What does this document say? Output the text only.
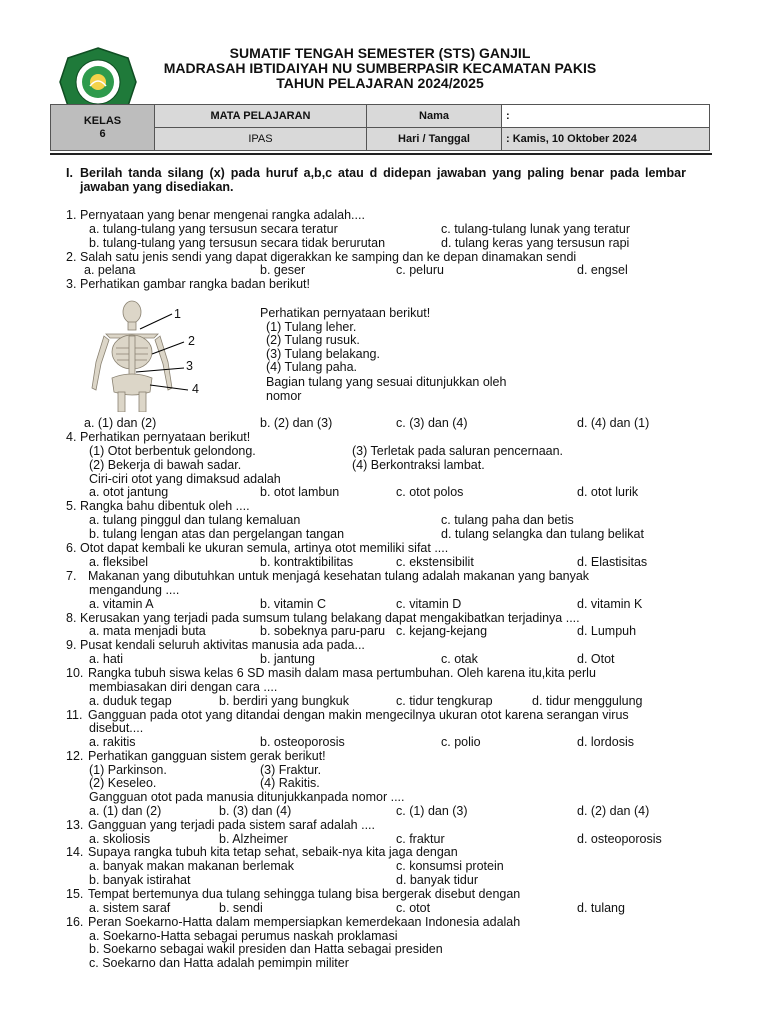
SUMATIF TENGAH SEMESTER (STS) GANJIL
MADRASAH IBTIDAIYAH NU SUMBERPASIR KECAMATAN PAKIS
TAHUN PELAJARAN 2024/2025
KELAS
6	MATA PELAJARAN	Nama	:
	IPAS	Hari / Tanggal	: Kamis, 10 Oktober 2024
I. Berilah tanda silang (x) pada huruf a,b,c atau d didepan jawaban yang paling benar pada lembar jawaban yang disediakan.
1. Pernyataan yang benar mengenai rangka adalah....
a. tulang-tulang yang tersusun secara teratur	c. tulang-tulang lunak yang teratur
b. tulang-tulang yang tersusun secara tidak berurutan	d. tulang keras yang tersusun rapi
2. Salah satu jenis sendi yang dapat digerakkan ke samping dan ke depan dinamakan sendi
a. pelana	b. geser	c. peluru	d. engsel
3. Perhatikan gambar rangka badan berikut!
1
2
3
4
Perhatikan pernyataan berikut!
(1) Tulang leher.
(2) Tulang rusuk.
(3) Tulang belakang.
(4) Tulang paha.
Bagian tulang yang sesuai ditunjukkan oleh
nomor
a. (1) dan (2)	b. (2) dan (3)	c. (3) dan (4)	d. (4) dan (1)
4. Perhatikan pernyataan berikut!
(1) Otot berbentuk gelondong.	(3) Terletak pada saluran pencernaan.
(2) Bekerja di bawah sadar.	(4) Berkontraksi lambat.
Ciri-ciri otot yang dimaksud adalah
a. otot jantung	b. otot lambun	c. otot polos	d. otot lurik
5. Rangka bahu dibentuk oleh ....
a. tulang pinggul dan tulang kemaluan	c. tulang paha dan betis
b. tulang lengan atas dan pergelangan tangan	d. tulang selangka dan tulang belikat
6. Otot dapat kembali ke ukuran semula, artinya otot memiliki sifat ....
a. fleksibel	b. kontraktibilitas	c. ekstensibilit	d. Elastisitas
7. Makanan yang dibutuhkan untuk menjagá kesehatan tulang adalah makanan yang banyak
mengandung ....
a. vitamin A	b. vitamin C	c. vitamin D	d. vitamin K
8. Kerusakan yang terjadi pada sumsum tulang belakang dapat mengakibatkan terjadinya ....
a. mata menjadi buta	b. sobeknya paru-paru c. kejang-kejang	d. Lumpuh
9. Pusat kendali seluruh aktivitas manusia ada pada...
a. hati	b. jantung	c. otak	d. Otot
10. Rangka tubuh siswa kelas 6 SD masih dalam masa pertumbuhan. Oleh karena itu,kita perlu
membiasakan diri dengan cara ....
a. duduk tegap	b. berdiri yang bungkuk	c. tidur tengkurap	d. tidur menggulung
11. Gangguan pada otot yang ditandai dengan makin mengecilnya ukuran otot karena serangan virus
disebut....
a. rakitis	b. osteoporosis	c. polio	d. lordosis
12. Perhatikan gangguan sistem gerak berikut!
(1) Parkinson.	(3) Fraktur.
(2) Keseleo.	(4) Rakitis.
Gangguan otot pada manusia ditunjukkanpada nomor ....
a. (1) dan (2)	b. (3) dan (4)	c. (1) dan (3)	d. (2) dan (4)
13. Gangguan yang terjadi pada sistem saraf adalah ....
a. skoliosis	b. Alzheimer	c. fraktur	d. osteoporosis
14. Supaya rangka tubuh kita tetap sehat, sebaik-nya kita jaga dengan
a. banyak makan makanan berlemak	c. konsumsi protein
b. banyak istirahat	d. banyak tidur
15. Tempat bertemunya dua tulang sehingga tulang bisa bergerak disebut dengan
a. sistem saraf	b. sendi	c. otot	d. tulang
16. Peran Soekarno-Hatta dalam mempersiapkan kemerdekaan Indonesia adalah
a. Soekarno-Hatta sebagai perumus naskah proklamasi
b. Soekarno sebagai wakil presiden dan Hatta sebagai presiden
c. Soekarno dan Hatta adalah pemimpin militer
